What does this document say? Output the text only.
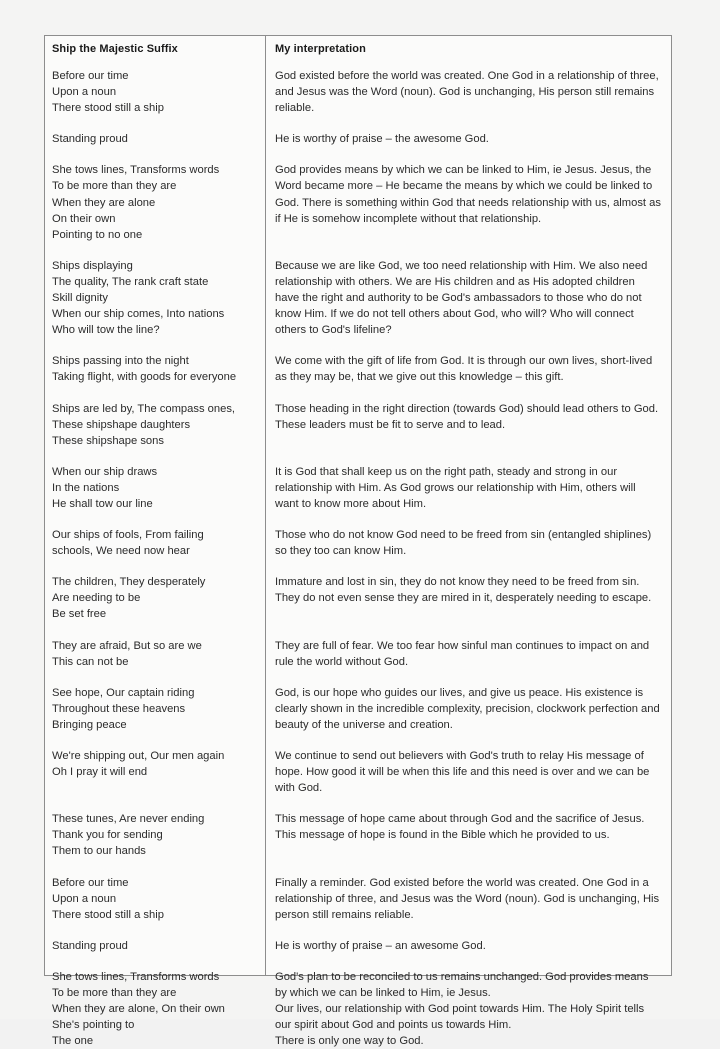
Ship the Majestic Suffix	My interpretation
Before our time
Upon a noun
There stood still a ship
Standing proud
She tows lines, Transforms words
To be more than they are
When they are alone
On their own
Pointing to no one
Ships displaying
The quality, The rank craft state
Skill dignity
When our ship comes, Into nations
Who will tow the line?
Ships passing into the night
Taking flight, with goods for everyone
Ships are led by, The compass ones,
These shipshape daughters
These shipshape sons
When our ship draws
In the nations
He shall tow our line
Our ships of fools, From failing
schools, We need now hear
The children, They desperately
Are needing to be
Be set free
They are afraid, But so are we
This can not be
See hope, Our captain riding
Throughout these heavens
Bringing peace
We're shipping out, Our men again
Oh I pray it will end
These tunes, Are never ending
Thank you for sending
Them to our hands
Before our time
Upon a noun
There stood still a ship
Standing proud
She tows lines, Transforms words
To be more than they are
When they are alone, On their own
She's pointing to
The one

God existed before the world was created. One God in a relationship of three, and Jesus was the Word (noun). God is unchanging, His person still remains reliable.

He is worthy of praise – the awesome God.

God provides means by which we can be linked to Him, ie Jesus. Jesus, the Word became more – He became the means by which we could be linked to God. There is something within God that needs relationship with us, almost as if He is somehow incomplete without that relationship.

Because we are like God, we too need relationship with Him. We also need relationship with others. We are His children and as His adopted children have the right and authority to be God's ambassadors to those who do not know Him. If we do not tell others about God, who will? Who will connect others to God's lifeline?

We come with the gift of life from God. It is through our own lives, short-lived as they may be, that we give out this knowledge – this gift.

Those heading in the right direction (towards God) should lead others to God. These leaders must be fit to serve and to lead.

It is God that shall keep us on the right path, steady and strong in our relationship with Him. As God grows our relationship with Him, others will want to know more about Him.

Those who do not know God need to be freed from sin (entangled shiplines) so they too can know Him.

Immature and lost in sin, they do not know they need to be freed from sin. They do not even sense they are mired in it, desperately needing to escape.

They are full of fear. We too fear how sinful man continues to impact on and rule the world without God.

God, is our hope who guides our lives, and give us peace. His existence is clearly shown in the incredible complexity, precision, clockwork perfection and beauty of the universe and creation.

We continue to send out believers with God's truth to relay His message of hope. How good it will be when this life and this need is over and we can be with God.

This message of hope came about through God and the sacrifice of Jesus. This message of hope is found in the Bible which he provided to us.

Finally a reminder. God existed before the world was created. One God in a relationship of three, and Jesus was the Word (noun). God is unchanging, His person still remains reliable.

He is worthy of praise – an awesome God.

God's plan to be reconciled to us remains unchanged. God provides means by which we can be linked to Him, ie Jesus.

Our lives, our relationship with God point towards Him. The Holy Spirit tells our spirit about God and points us towards Him.

There is only one way to God.
